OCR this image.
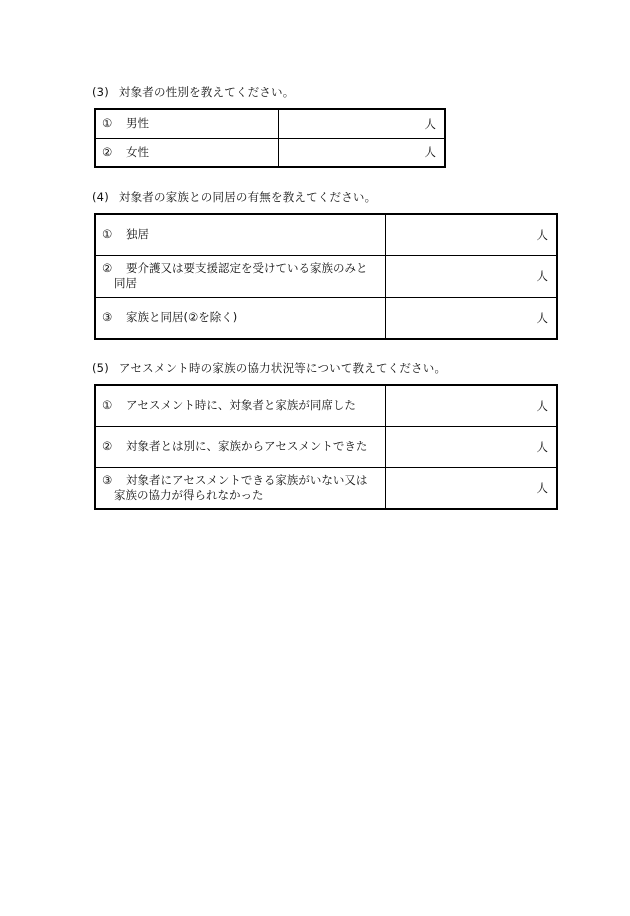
(3) 対象者の性別を教えてください。
① 男性	人
② 女性	人
(4) 対象者の家族との同居の有無を教えてください。
① 独居	人
② 要介護又は要支援認定を受けている家族のみと
同居	人
③ 家族と同居(②を除く)	人
(5) アセスメント時の家族の協力状況等について教えてください。
① アセスメント時に、対象者と家族が同席した	人
② 対象者とは別に、家族からアセスメントできた	人
③ 対象者にアセスメントできる家族がいない又は
家族の協力が得られなかった	人
